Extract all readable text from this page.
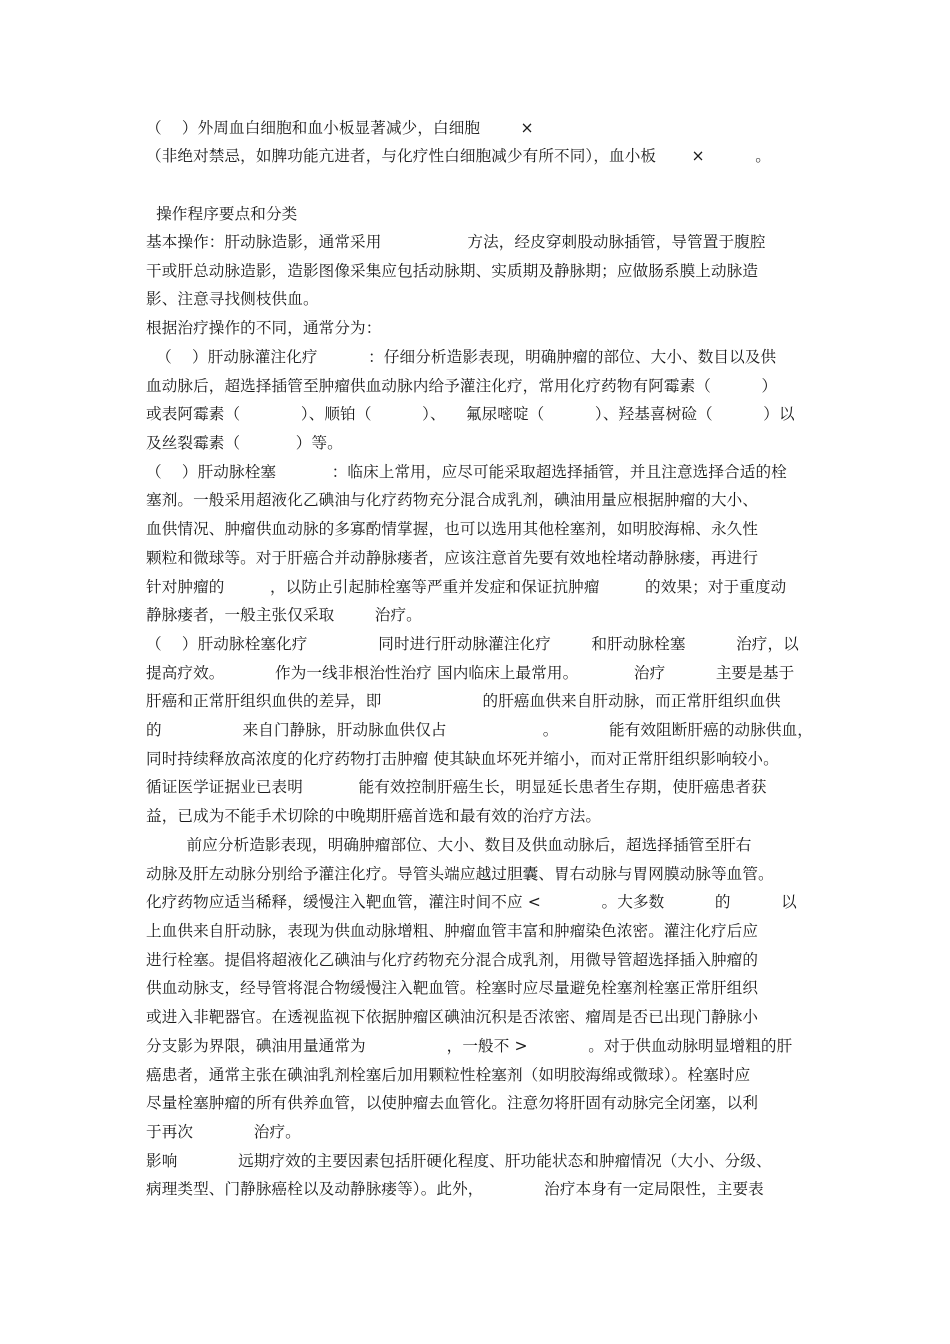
（    ）外周血白细胞和血小板显著减少，白细胞        ×
（非绝对禁忌，如脾功能亢进者，与化疗性白细胞减少有所不同），血小板       ×          。
操作程序要点和分类
基本操作：肝动脉造影，通常采用                 方法，经皮穿刺股动脉插管，导管置于腹腔
干或肝总动脉造影，造影图像采集应包括动脉期、实质期及静脉期；应做肠系膜上动脉造
影、注意寻找侧枝供血。
根据治疗操作的不同，通常分为：
（    ）肝动脉灌注化疗          ：仔细分析造影表现，明确肿瘤的部位、大小、数目以及供
血动脉后，超选择插管至肿瘤供血动脉内给予灌注化疗，常用化疗药物有阿霉素（          ）
或表阿霉素（            ）、顺铂（          ）、    氟尿嘧啶（          ）、羟基喜树硷（          ）以
及丝裂霉素（           ）等。
（    ）肝动脉栓塞           ：临床上常用，应尽可能采取超选择插管，并且注意选择合适的栓
塞剂。一般采用超液化乙碘油与化疗药物充分混合成乳剂，碘油用量应根据肿瘤的大小、
血供情况、肿瘤供血动脉的多寡酌情掌握，也可以选用其他栓塞剂，如明胶海棉、永久性
颗粒和微球等。对于肝癌合并动静脉瘘者，应该注意首先要有效地栓堵动静脉瘘，再进行
针对肿瘤的         ，以防止引起肺栓塞等严重并发症和保证抗肿瘤         的效果；对于重度动
静脉瘘者，一般主张仅采取        治疗。
（    ）肝动脉栓塞化疗              同时进行肝动脉灌注化疗        和肝动脉栓塞          治疗，以
提高疗效。          作为一线非根治性治疗 国内临床上最常用。           治疗          主要是基于
肝癌和正常肝组织血供的差异，即                    的肝癌血供来自肝动脉，而正常肝组织血供
的                来自门静脉，肝动脉血供仅占                   。          能有效阻断肝癌的动脉供血，
同时持续释放高浓度的化疗药物打击肿瘤 使其缺血坏死并缩小，而对正常肝组织影响较小。
循证医学证据业已表明           能有效控制肝癌生长，明显延长患者生存期，使肝癌患者获
益，已成为不能手术切除的中晚期肝癌首选和最有效的治疗方法。
前应分析造影表现，明确肿瘤部位、大小、数目及供血动脉后，超选择插管至肝右
动脉及肝左动脉分别给予灌注化疗。导管头端应越过胆囊、胃右动脉与胃网膜动脉等血管。
化疗药物应适当稀释，缓慢注入靶血管，灌注时间不应 <            。大多数          的          以
上血供来自肝动脉，表现为供血动脉增粗、肿瘤血管丰富和肿瘤染色浓密。灌注化疗后应
进行栓塞。提倡将超液化乙碘油与化疗药物充分混合成乳剂，用微导管超选择插入肿瘤的
供血动脉支，经导管将混合物缓慢注入靶血管。栓塞时应尽量避免栓塞剂栓塞正常肝组织
或进入非靶器官。在透视监视下依据肿瘤区碘油沉积是否浓密、瘤周是否已出现门静脉小
分支影为界限，碘油用量通常为                ，一般不 >            。对于供血动脉明显增粗的肝
癌患者，通常主张在碘油乳剂栓塞后加用颗粒性栓塞剂（如明胶海绵或微球）。栓塞时应
尽量栓塞肿瘤的所有供养血管，以使肿瘤去血管化。注意勿将肝固有动脉完全闭塞，以利
于再次            治疗。
影响            远期疗效的主要因素包括肝硬化程度、肝功能状态和肿瘤情况（大小、分级、
病理类型、门静脉癌栓以及动静脉瘘等）。此外，            治疗本身有一定局限性，主要表
